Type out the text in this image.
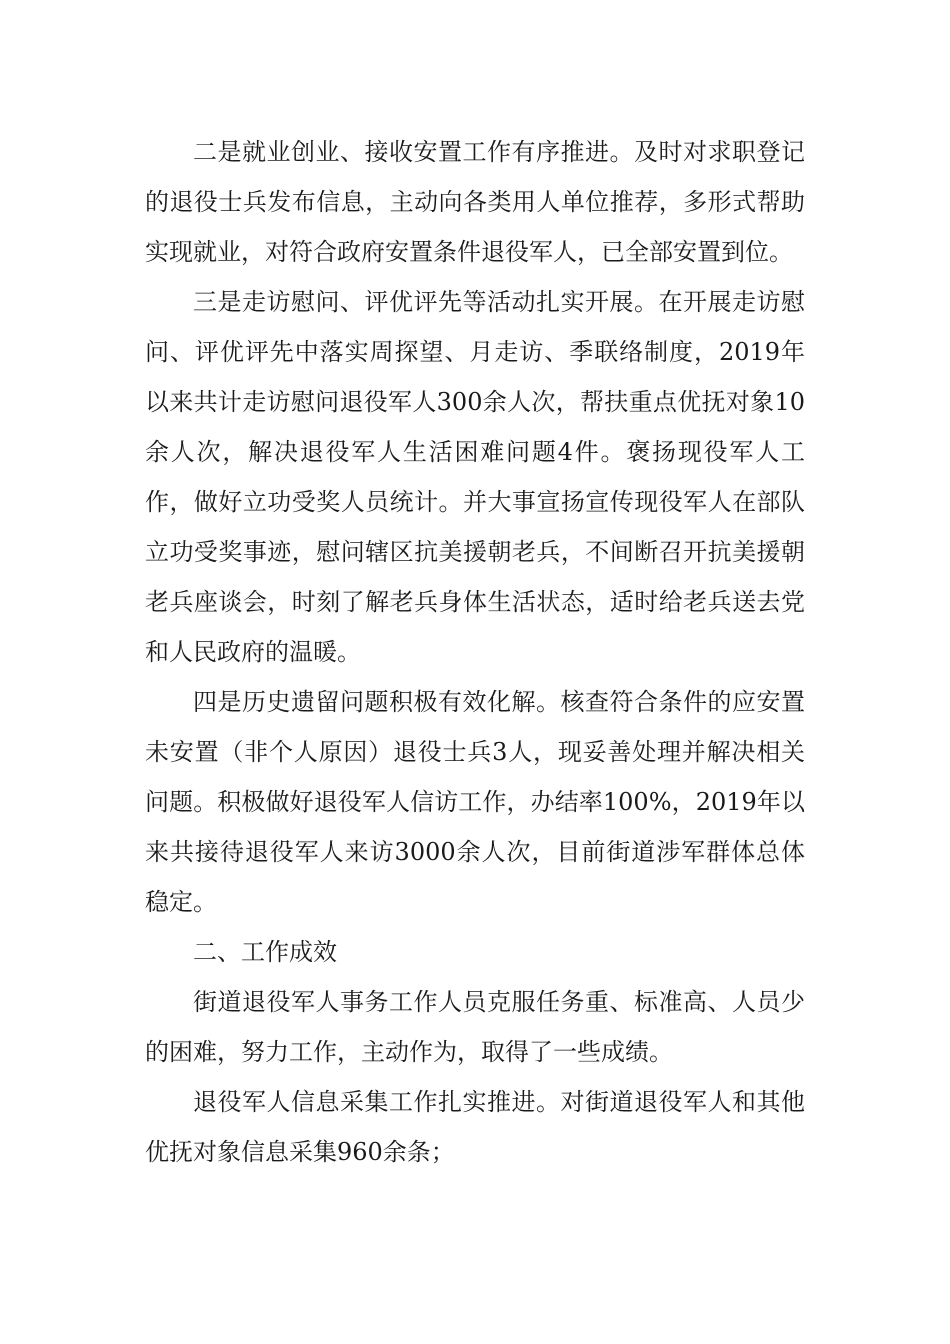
二是就业创业、接收安置工作有序推进。及时对求职登记的退役士兵发布信息，主动向各类用人单位推荐，多形式帮助实现就业，对符合政府安置条件退役军人，已全部安置到位。

三是走访慰问、评优评先等活动扎实开展。在开展走访慰问、评优评先中落实周探望、月走访、季联络制度，2019年以来共计走访慰问退役军人300余人次，帮扶重点优抚对象10余人次，解决退役军人生活困难问题4件。褒扬现役军人工作，做好立功受奖人员统计。并大事宣扬宣传现役军人在部队立功受奖事迹，慰问辖区抗美援朝老兵，不间断召开抗美援朝老兵座谈会，时刻了解老兵身体生活状态，适时给老兵送去党和人民政府的温暖。

四是历史遗留问题积极有效化解。核查符合条件的应安置未安置（非个人原因）退役士兵3人，现妥善处理并解决相关问题。积极做好退役军人信访工作，办结率100%，2019年以来共接待退役军人来访3000余人次，目前街道涉军群体总体稳定。

二、工作成效

街道退役军人事务工作人员克服任务重、标准高、人员少的困难，努力工作，主动作为，取得了一些成绩。

退役军人信息采集工作扎实推进。对街道退役军人和其他优抚对象信息采集960余条；
